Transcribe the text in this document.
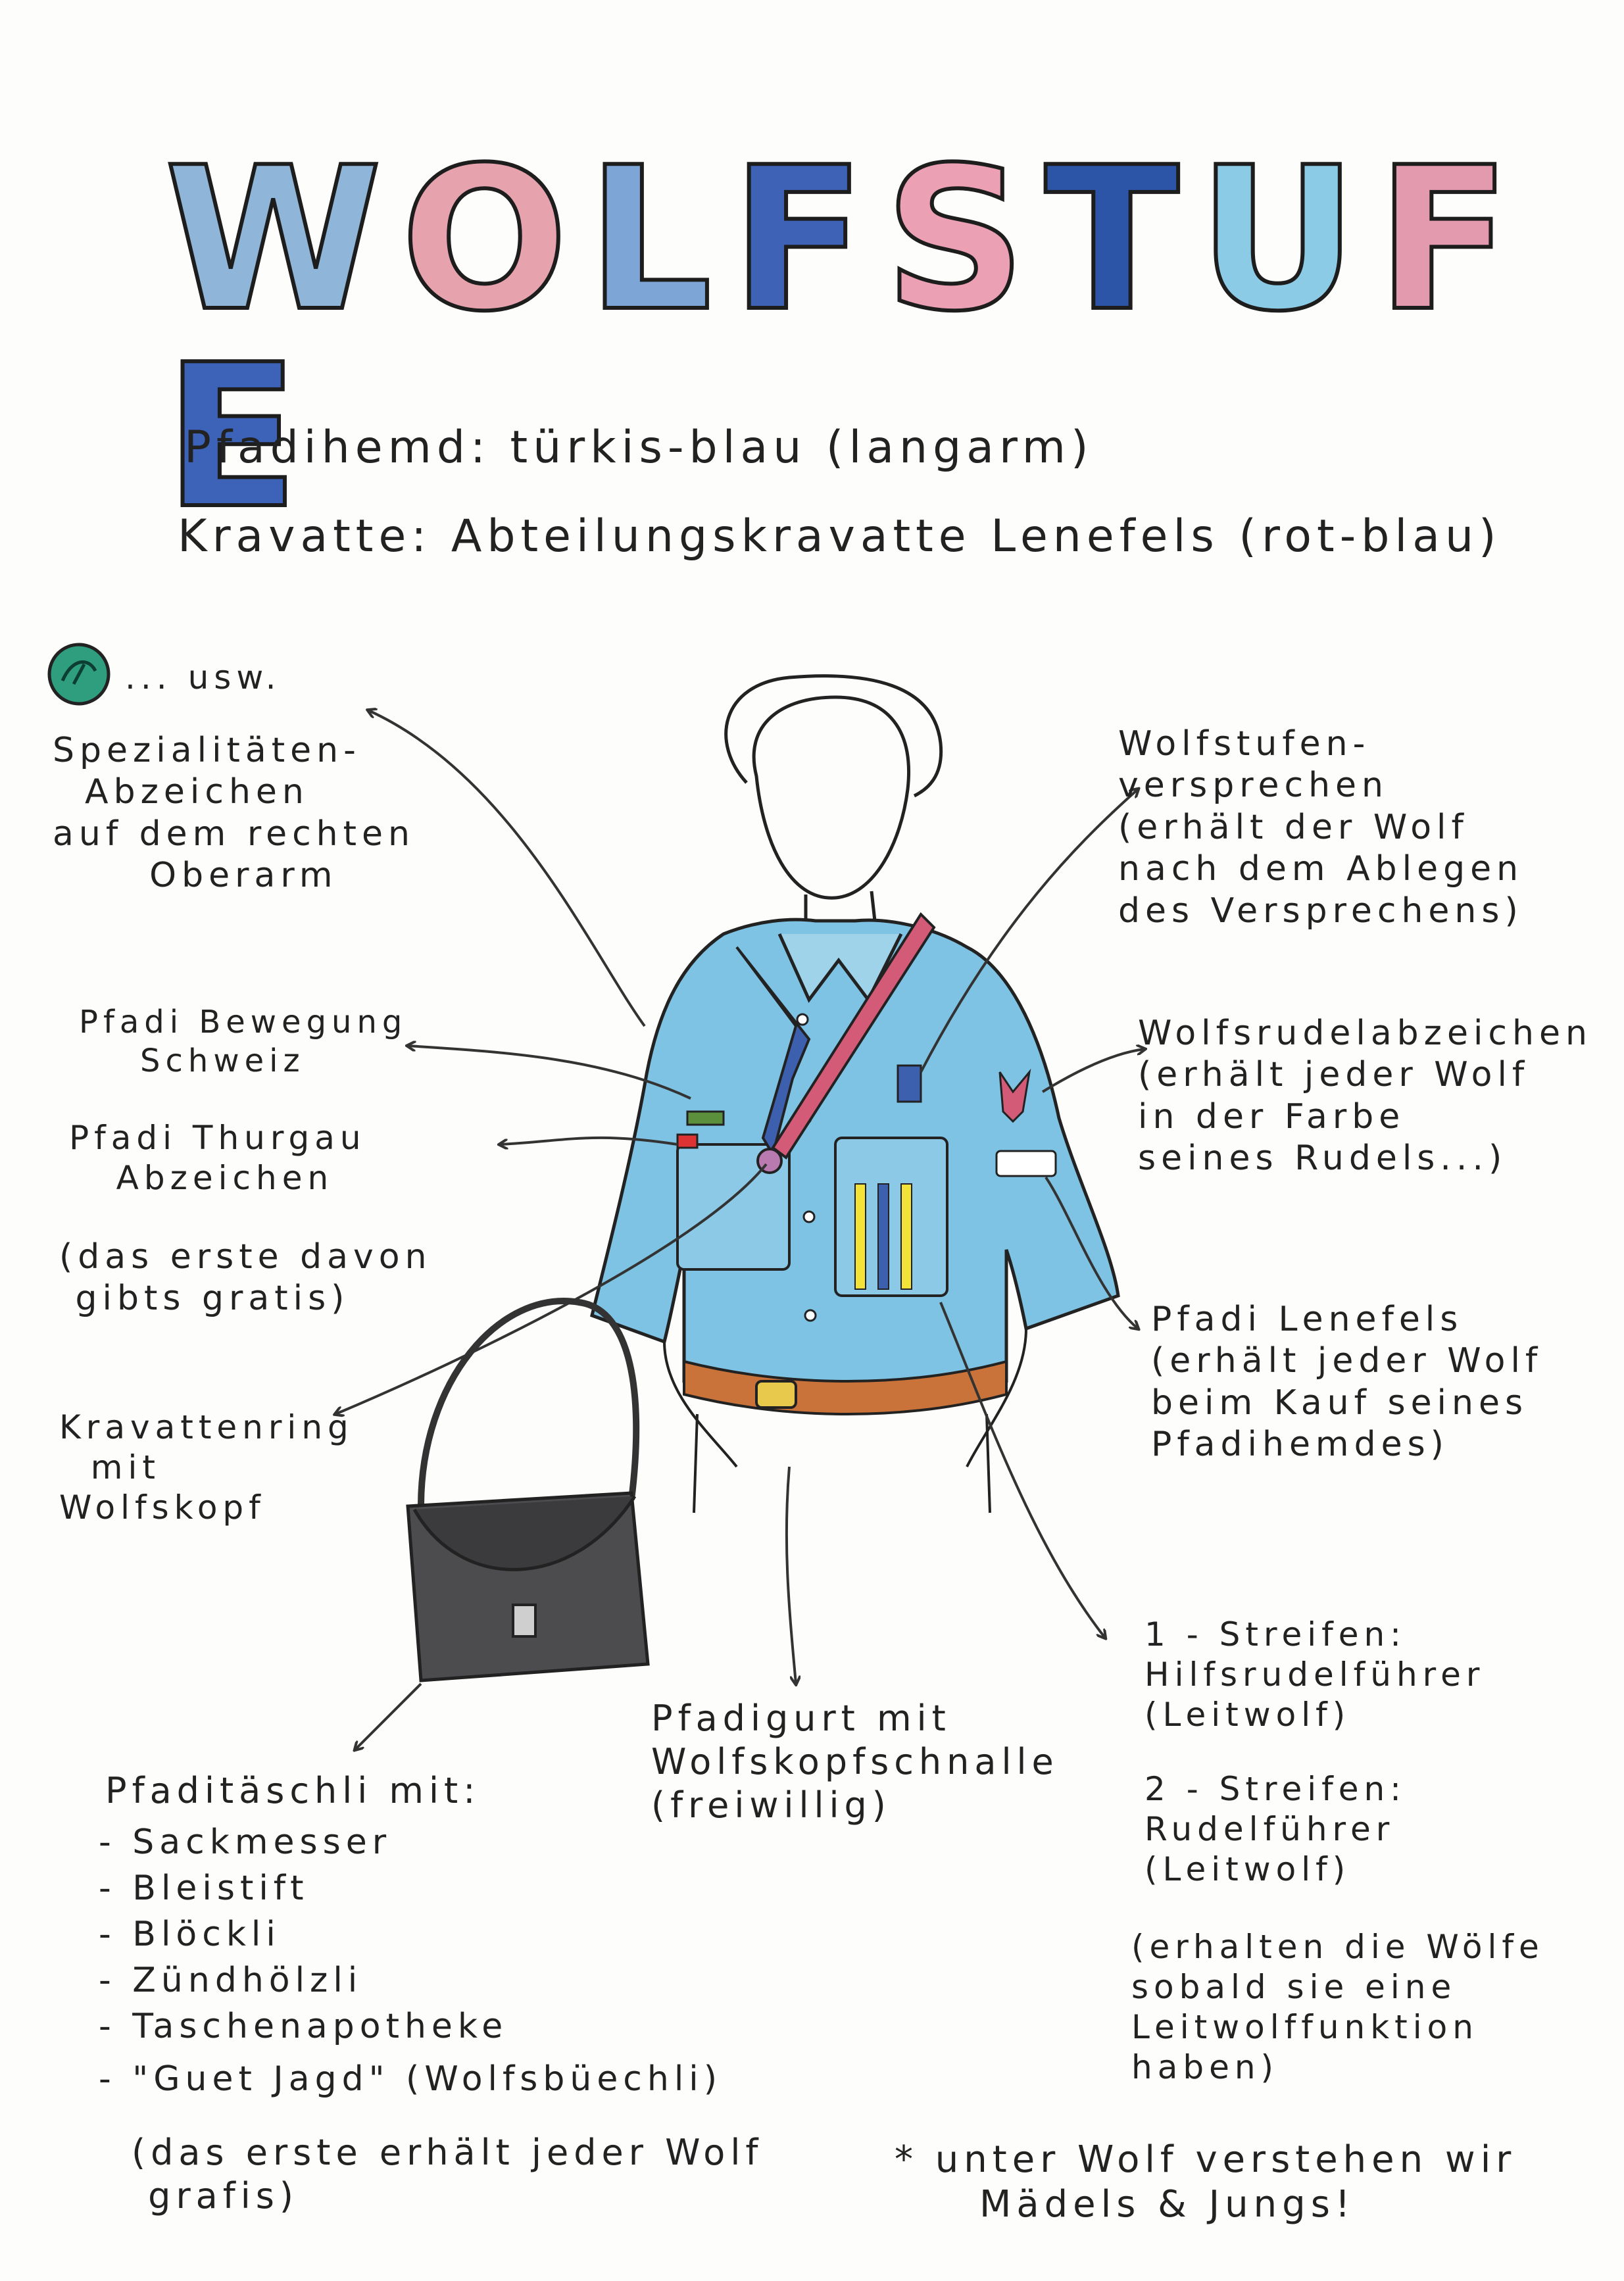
WOLFSTUFE
Pfadihemd: türkis-blau (langarm)
Kravatte: Abteilungskravatte Lenefels (rot-blau)
... usw.
Spezialitäten-
Abzeichen
auf dem rechten
Oberarm
Pfadi Bewegung
Schweiz
Pfadi Thurgau
Abzeichen
(das erste davon
gibts gratis)
Kravattenring
mit
Wolfskopf
Wolfstufen-
versprechen
(erhält der Wolf
nach dem Ablegen
des Versprechens)
Wolfsrudelabzeichen
(erhält jeder Wolf
in der Farbe
seines Rudels...)
Pfadi Lenefels
(erhält jeder Wolf
beim Kauf seines
Pfadihemdes)
1 - Streifen:
Hilfsrudelführer
(Leitwolf)
2 - Streifen:
Rudelführer
(Leitwolf)
(erhalten die Wölfe
sobald sie eine
Leitwolffunktion
haben)
Pfadigurt mit
Wolfskopfschnalle
(freiwillig)
Pfaditäschli mit:
- Sackmesser
- Bleistift
- Blöckli
- Zündhölzli
- Taschenapotheke
- "Guet Jagd" (Wolfsbüechli)
(das erste erhält jeder Wolf
grafis)
* unter Wolf verstehen wir
Mädels & Jungs!
